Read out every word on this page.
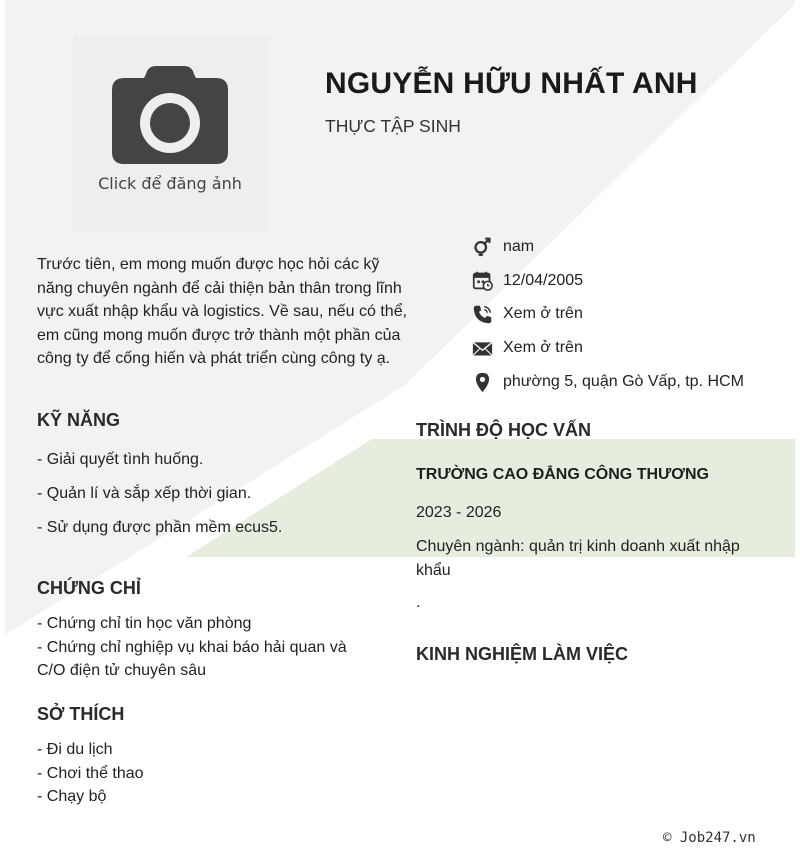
Click để đăng ảnh
NGUYỄN HỮU NHẤT ANH
THỰC TẬP SINH
Trước tiên, em mong muốn được học hỏi các kỹ năng chuyên ngành để cải thiện bản thân trong lĩnh vực xuất nhập khẩu và logistics. Về sau, nếu có thể, em cũng mong muốn được trở thành một phần của công ty để cống hiến và phát triển cùng công ty ạ.
nam
12/04/2005
Xem ở trên
Xem ở trên
phường 5, quận Gò Vấp, tp. HCM
KỸ NĂNG
- Giải quyết tình huống.
- Quản lí và sắp xếp thời gian.
- Sử dụng được phần mềm ecus5.
CHỨNG CHỈ
- Chứng chỉ tin học văn phòng
- Chứng chỉ nghiệp vụ khai báo hải quan và C/O điện tử chuyên sâu
SỞ THÍCH
- Đi du lịch
- Chơi thể thao
- Chạy bộ
TRÌNH ĐỘ HỌC VẤN
TRƯỜNG CAO ĐẲNG CÔNG THƯƠNG
2023 - 2026
Chuyên ngành: quản trị kinh doanh xuất nhập khẩu
.
KINH NGHIỆM LÀM VIỆC
© Job247.vn
